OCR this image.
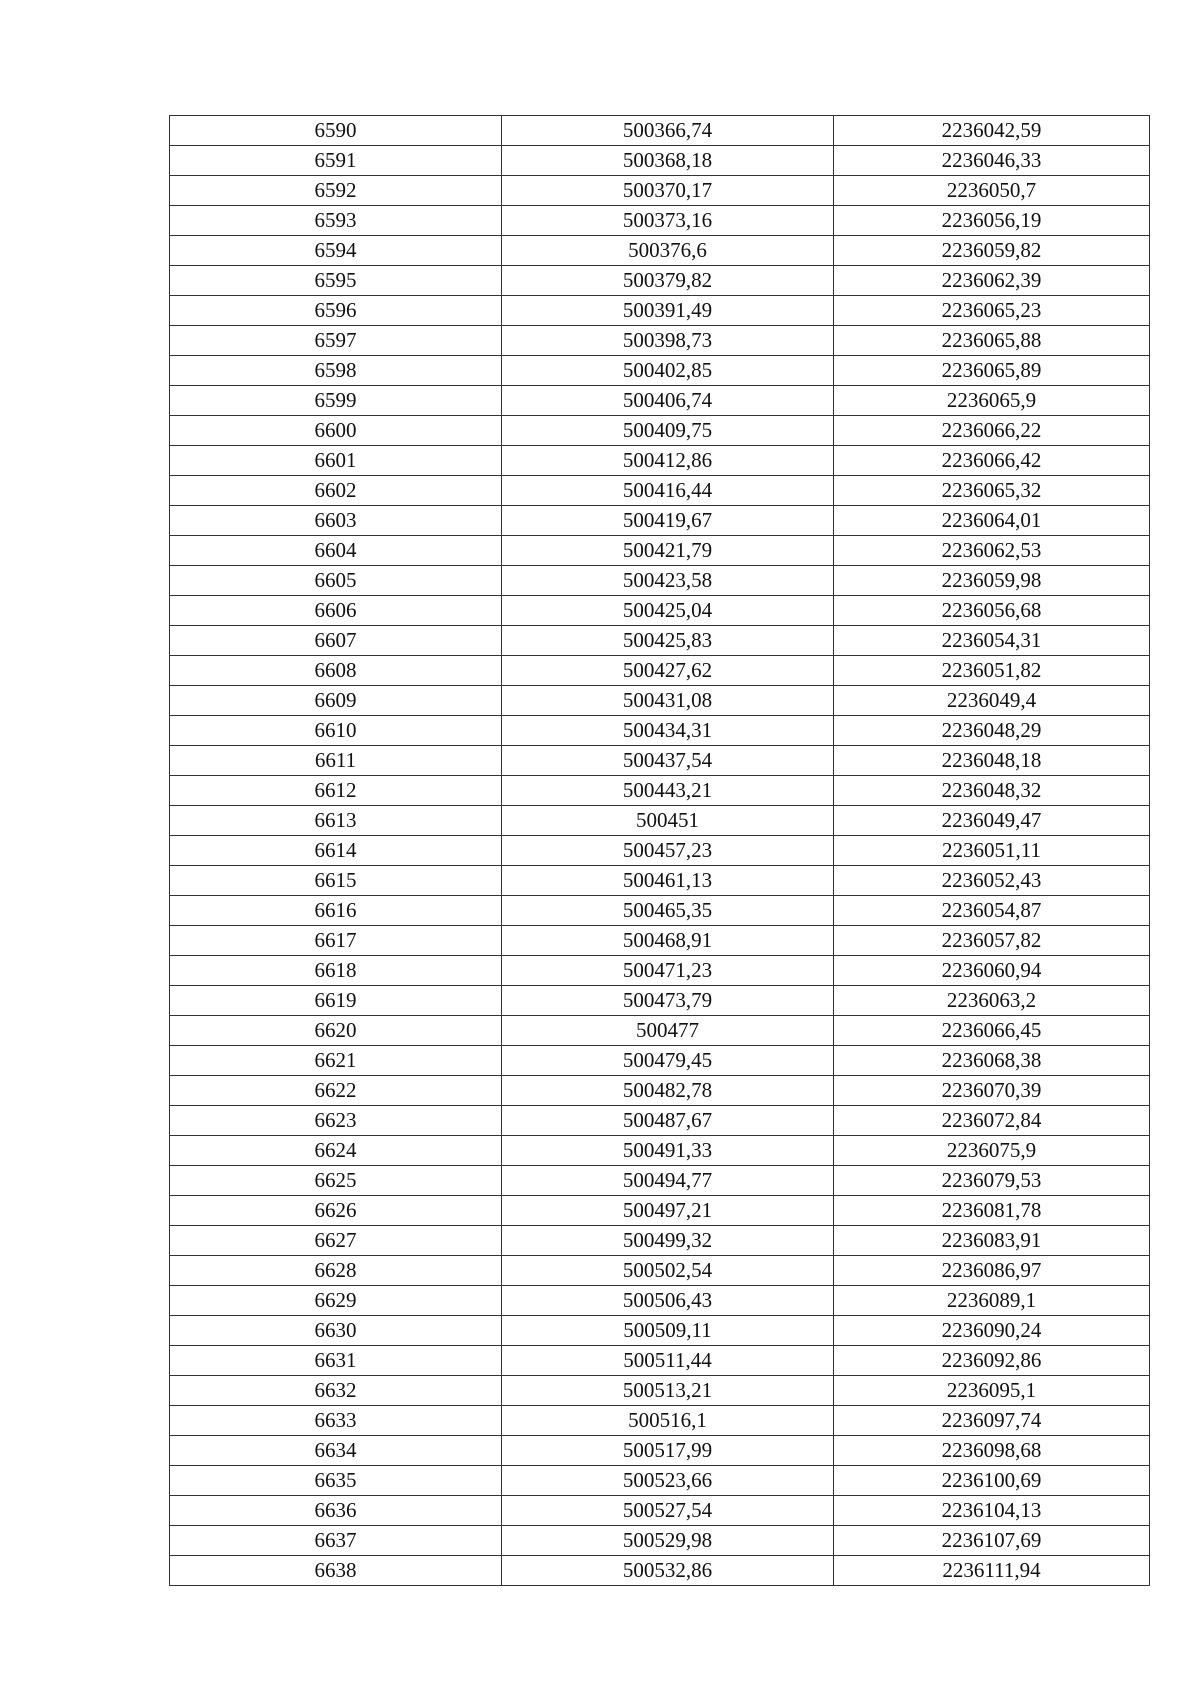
6590	500366,74	2236042,59
6591	500368,18	2236046,33
6592	500370,17	2236050,7
6593	500373,16	2236056,19
6594	500376,6	2236059,82
6595	500379,82	2236062,39
6596	500391,49	2236065,23
6597	500398,73	2236065,88
6598	500402,85	2236065,89
6599	500406,74	2236065,9
6600	500409,75	2236066,22
6601	500412,86	2236066,42
6602	500416,44	2236065,32
6603	500419,67	2236064,01
6604	500421,79	2236062,53
6605	500423,58	2236059,98
6606	500425,04	2236056,68
6607	500425,83	2236054,31
6608	500427,62	2236051,82
6609	500431,08	2236049,4
6610	500434,31	2236048,29
6611	500437,54	2236048,18
6612	500443,21	2236048,32
6613	500451	2236049,47
6614	500457,23	2236051,11
6615	500461,13	2236052,43
6616	500465,35	2236054,87
6617	500468,91	2236057,82
6618	500471,23	2236060,94
6619	500473,79	2236063,2
6620	500477	2236066,45
6621	500479,45	2236068,38
6622	500482,78	2236070,39
6623	500487,67	2236072,84
6624	500491,33	2236075,9
6625	500494,77	2236079,53
6626	500497,21	2236081,78
6627	500499,32	2236083,91
6628	500502,54	2236086,97
6629	500506,43	2236089,1
6630	500509,11	2236090,24
6631	500511,44	2236092,86
6632	500513,21	2236095,1
6633	500516,1	2236097,74
6634	500517,99	2236098,68
6635	500523,66	2236100,69
6636	500527,54	2236104,13
6637	500529,98	2236107,69
6638	500532,86	2236111,94
